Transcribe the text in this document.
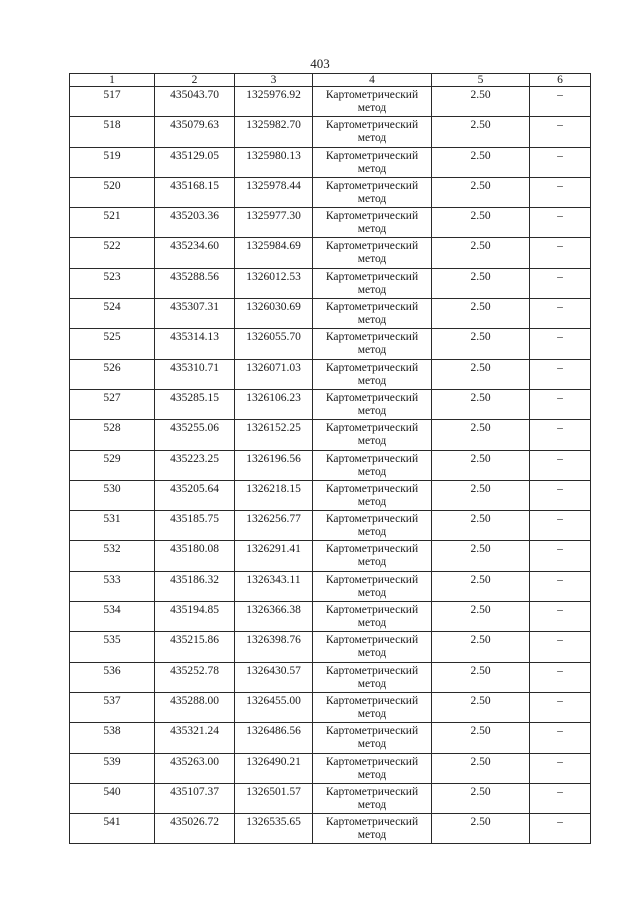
403
1	2	3	4	5	6
517	435043.70	1325976.92	Картометрический метод	2.50	–
518	435079.63	1325982.70	Картометрический метод	2.50	–
519	435129.05	1325980.13	Картометрический метод	2.50	–
520	435168.15	1325978.44	Картометрический метод	2.50	–
521	435203.36	1325977.30	Картометрический метод	2.50	–
522	435234.60	1325984.69	Картометрический метод	2.50	–
523	435288.56	1326012.53	Картометрический метод	2.50	–
524	435307.31	1326030.69	Картометрический метод	2.50	–
525	435314.13	1326055.70	Картометрический метод	2.50	–
526	435310.71	1326071.03	Картометрический метод	2.50	–
527	435285.15	1326106.23	Картометрический метод	2.50	–
528	435255.06	1326152.25	Картометрический метод	2.50	–
529	435223.25	1326196.56	Картометрический метод	2.50	–
530	435205.64	1326218.15	Картометрический метод	2.50	–
531	435185.75	1326256.77	Картометрический метод	2.50	–
532	435180.08	1326291.41	Картометрический метод	2.50	–
533	435186.32	1326343.11	Картометрический метод	2.50	–
534	435194.85	1326366.38	Картометрический метод	2.50	–
535	435215.86	1326398.76	Картометрический метод	2.50	–
536	435252.78	1326430.57	Картометрический метод	2.50	–
537	435288.00	1326455.00	Картометрический метод	2.50	–
538	435321.24	1326486.56	Картометрический метод	2.50	–
539	435263.00	1326490.21	Картометрический метод	2.50	–
540	435107.37	1326501.57	Картометрический метод	2.50	–
541	435026.72	1326535.65	Картометрический метод	2.50	–
